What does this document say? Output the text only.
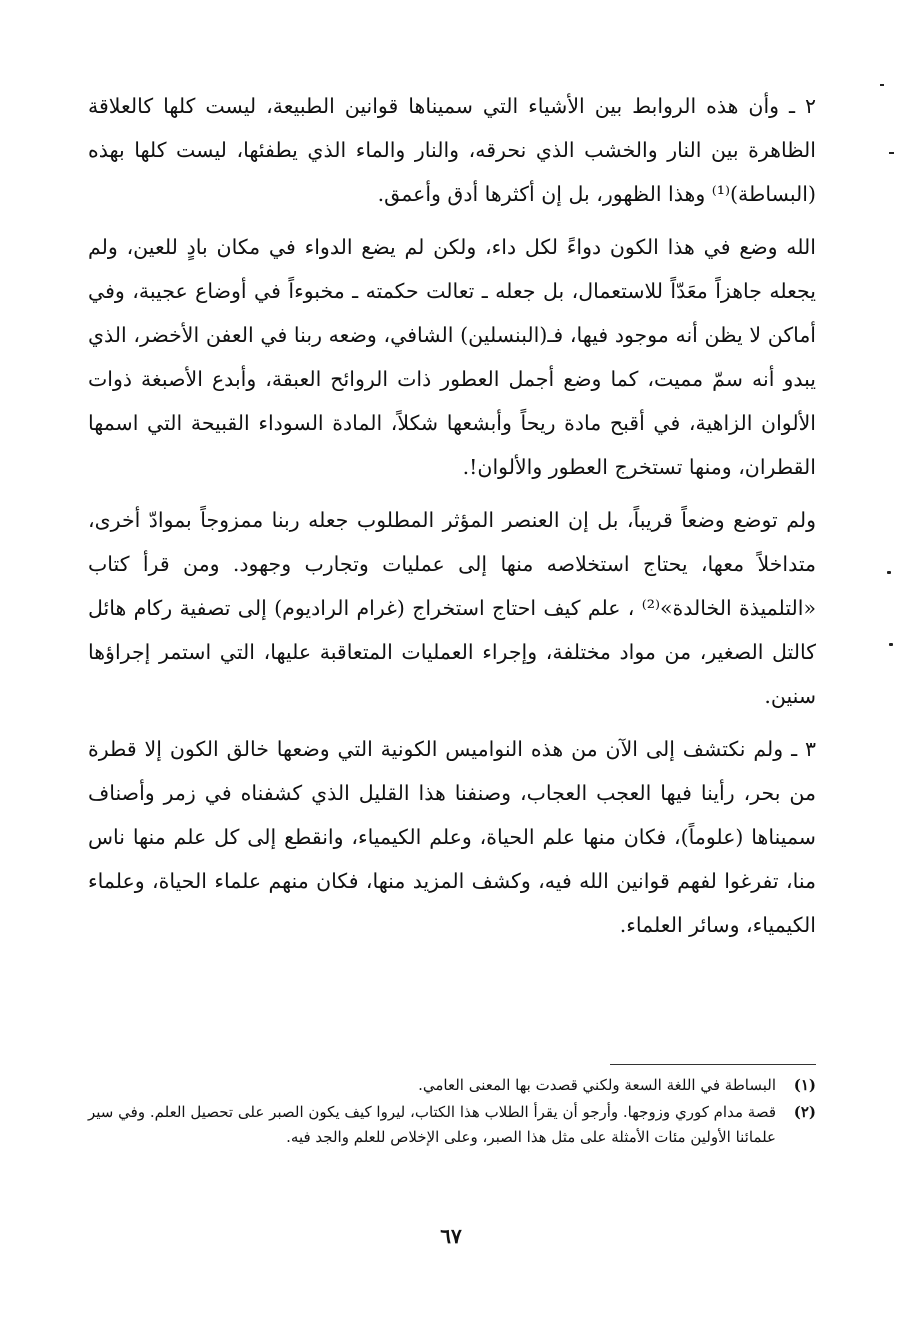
٢ ـ وأن هذه الروابط بين الأشياء التي سميناها قوانين الطبيعة، ليست كلها كالعلاقة الظاهرة بين النار والخشب الذي نحرقه، والنار والماء الذي يطفئها، ليست كلها بهذه (البساطة)⁽¹⁾ وهذا الظهور، بل إن أكثرها أدق وأعمق.

الله وضع في هذا الكون دواءً لكل داء، ولكن لم يضع الدواء في مكان بادٍ للعين، ولم يجعله جاهزاً معَدّاً للاستعمال، بل جعله ـ تعالت حكمته ـ مخبوءاً في أوضاع عجيبة، وفي أماكن لا يظن أنه موجود فيها، فـ(البنسلين) الشافي، وضعه ربنا في العفن الأخضر، الذي يبدو أنه سمّ مميت، كما وضع أجمل العطور ذات الروائح العبقة، وأبدع الأصبغة ذوات الألوان الزاهية، في أقبح مادة ريحاً وأبشعها شكلاً، المادة السوداء القبيحة التي اسمها القطران، ومنها تستخرج العطور والألوان!.

ولم توضع وضعاً قريباً، بل إن العنصر المؤثر المطلوب جعله ربنا ممزوجاً بموادّ أخرى، متداخلاً معها، يحتاج استخلاصه منها إلى عمليات وتجارب وجهود. ومن قرأ كتاب «التلميذة الخالدة»⁽²⁾ ، علم كيف احتاج استخراج (غرام الراديوم) إلى تصفية ركام هائل كالتل الصغير، من مواد مختلفة، وإجراء العمليات المتعاقبة عليها، التي استمر إجراؤها سنين.

٣ ـ ولم نكتشف إلى الآن من هذه النواميس الكونية التي وضعها خالق الكون إلا قطرة من بحر، رأينا فيها العجب العجاب، وصنفنا هذا القليل الذي كشفناه في زمر وأصناف سميناها (علوماً)، فكان منها علم الحياة، وعلم الكيمياء، وانقطع إلى كل علم منها ناس منا، تفرغوا لفهم قوانين الله فيه، وكشف المزيد منها، فكان منهم علماء الحياة، وعلماء الكيمياء، وسائر العلماء.

(١)
البساطة في اللغة السعة ولكني قصدت بها المعنى العامي.
(٢)
قصة مدام كوري وزوجها. وأرجو أن يقرأ الطلاب هذا الكتاب، ليروا كيف يكون الصبر على تحصيل العلم. وفي سير علمائنا الأولين مئات الأمثلة على مثل هذا الصبر، وعلى الإخلاص للعلم والجد فيه.
٦٧
